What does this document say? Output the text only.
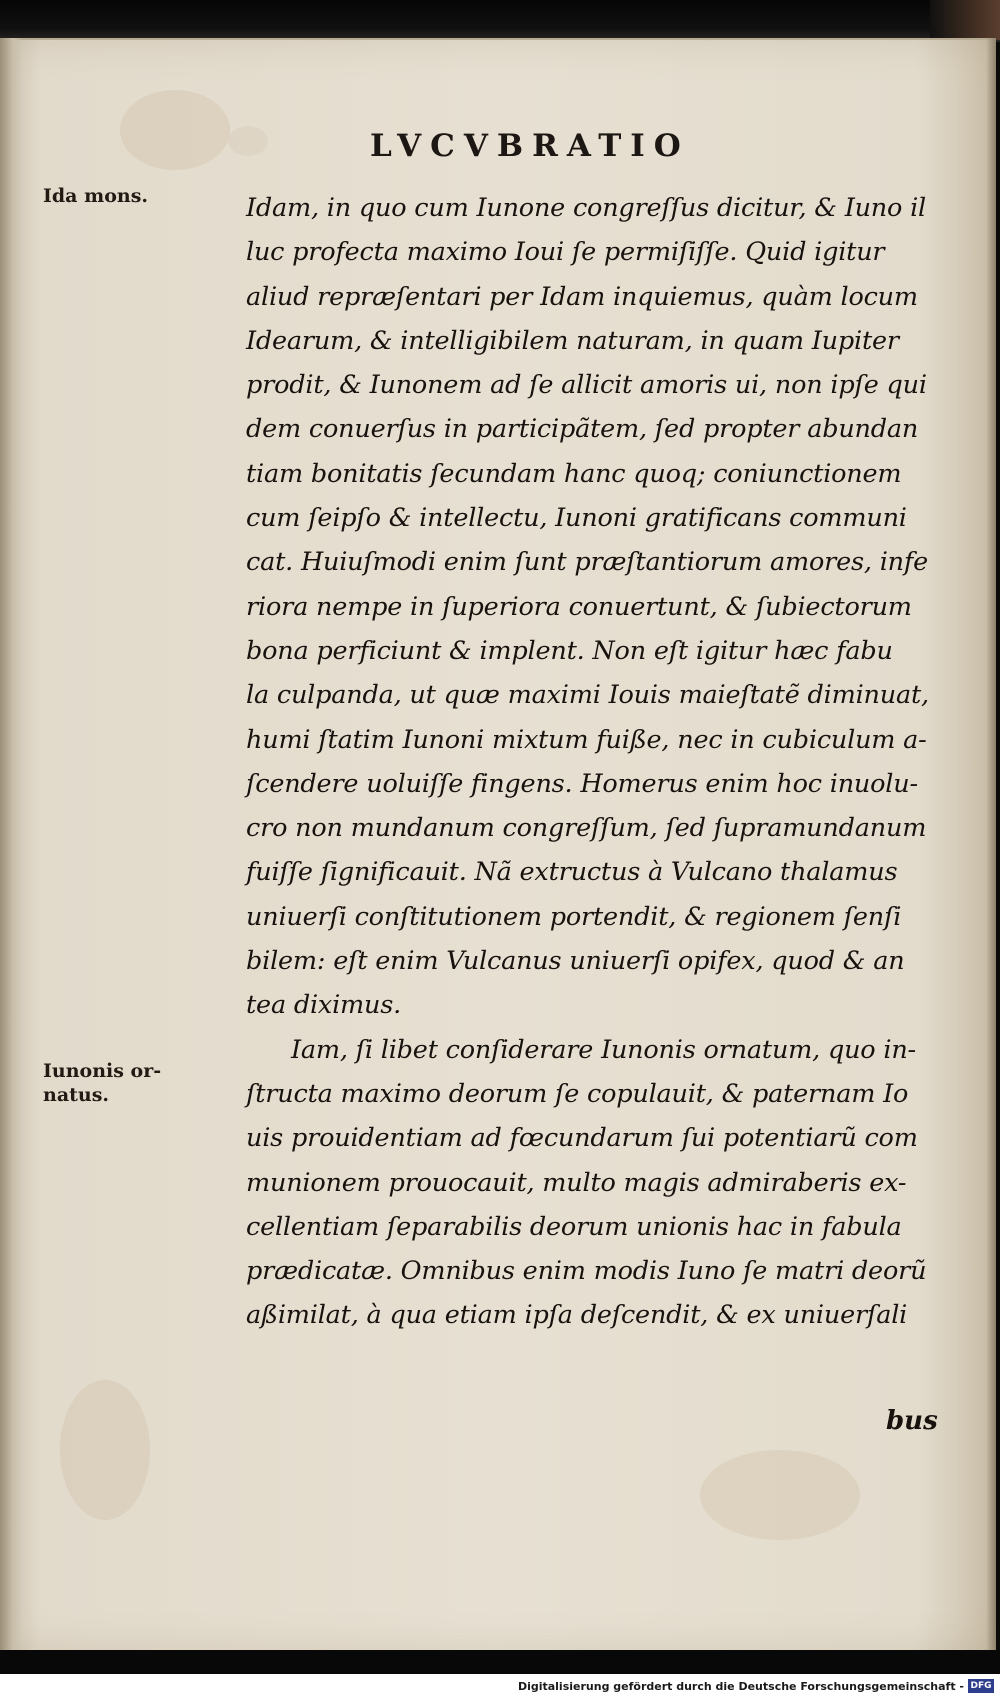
LVCVBRATIO
Ida mons.
Iunonis or-
natus.
Idam, in quo cum Iunone congreſſus dicitur, & Iuno il
luc profecta maximo Ioui ſe permiſiſſe. Quid igitur
aliud repræſentari per Idam inquiemus, quàm locum
Idearum, & intelligibilem naturam, in quam Iupiter
prodit, & Iunonem ad ſe allicit amoris ui, non ipſe qui
dem conuerſus in participãtem, ſed propter abundan
tiam bonitatis ſecundam hanc quoq; coniunctionem
cum ſeipſo & intellectu, Iunoni gratificans communi
cat. Huiuſmodi enim ſunt præſtantiorum amores, infe
riora nempe in ſuperiora conuertunt, & ſubiectorum
bona perficiunt & implent. Non eſt igitur hæc fabu
la culpanda, ut quæ maximi Iouis maieſtatẽ diminuat,
humi ſtatim Iunoni mixtum fuiße, nec in cubiculum a-
ſcendere uoluiſſe fingens. Homerus enim hoc inuolu-
cro non mundanum congreſſum, ſed ſupramundanum
fuiſſe ſignificauit. Nã extructus à Vulcano thalamus
uniuerſi conſtitutionem portendit, & regionem ſenſi
bilem: eſt enim Vulcanus uniuerſi opifex, quod & an
tea diximus.
Iam, ſi libet conſiderare Iunonis ornatum, quo in-
ſtructa maximo deorum ſe copulauit, & paternam Io
uis prouidentiam ad fœcundarum ſui potentiarũ com
munionem prouocauit, multo magis admiraberis ex-
cellentiam ſeparabilis deorum unionis hac in fabula
prædicatæ. Omnibus enim modis Iuno ſe matri deorũ
aßimilat, à qua etiam ipſa deſcendit, & ex uniuerſali
bus
Digitalisierung gefördert durch die Deutsche Forschungsgemeinschaft - DFG
